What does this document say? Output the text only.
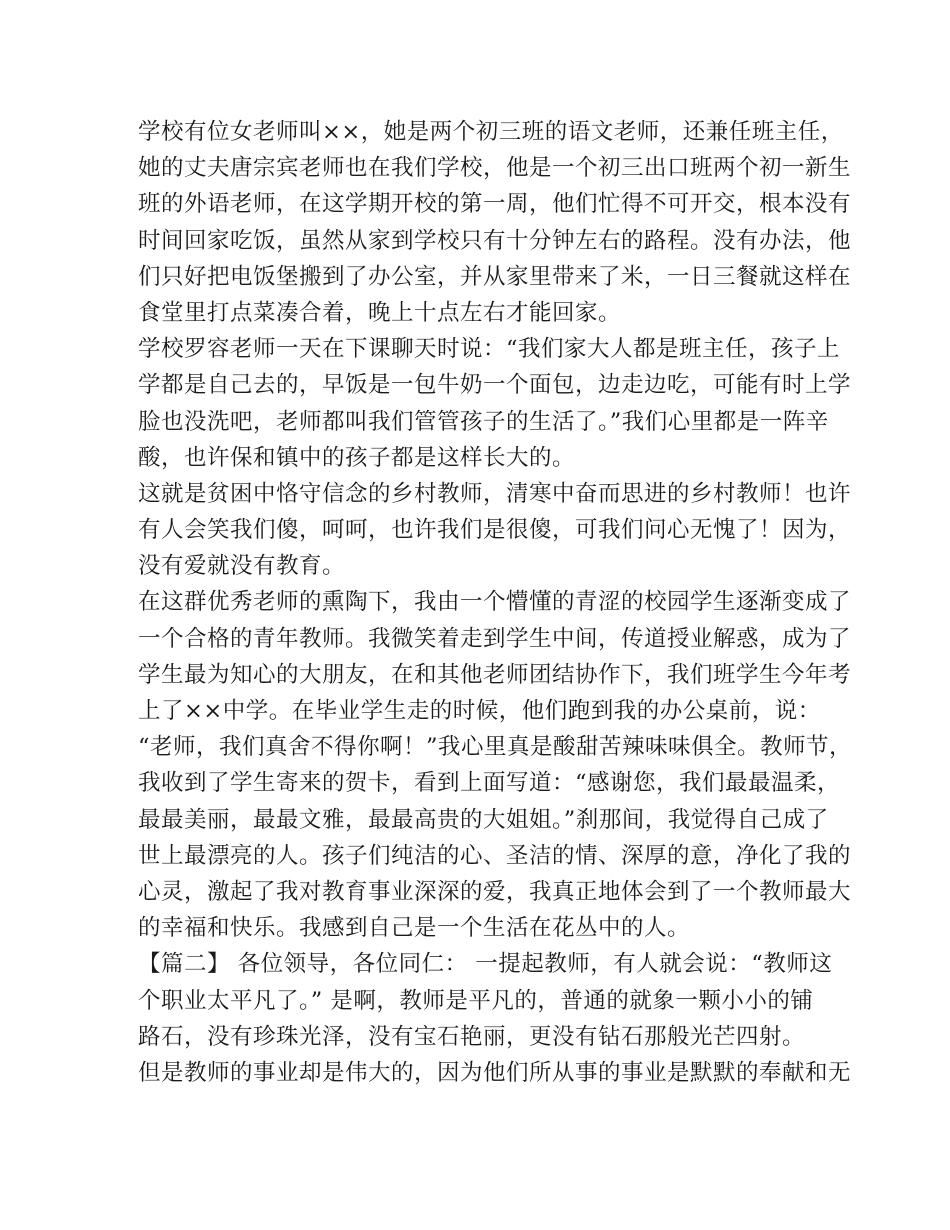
学校有位女老师叫××，她是两个初三班的语文老师，还兼任班主任，
她的丈夫唐宗宾老师也在我们学校，他是一个初三出口班两个初一新生
班的外语老师，在这学期开校的第一周，他们忙得不可开交，根本没有
时间回家吃饭，虽然从家到学校只有十分钟左右的路程。没有办法，他
们只好把电饭堡搬到了办公室，并从家里带来了米，一日三餐就这样在
食堂里打点菜凑合着，晚上十点左右才能回家。
学校罗容老师一天在下课聊天时说：“我们家大人都是班主任，孩子上
学都是自己去的，早饭是一包牛奶一个面包，边走边吃，可能有时上学
脸也没洗吧，老师都叫我们管管孩子的生活了。”我们心里都是一阵辛
酸，也许保和镇中的孩子都是这样长大的。
这就是贫困中恪守信念的乡村教师，清寒中奋而思进的乡村教师！也许
有人会笑我们傻，呵呵，也许我们是很傻，可我们问心无愧了！因为，
没有爱就没有教育。
在这群优秀老师的熏陶下，我由一个懵懂的青涩的校园学生逐渐变成了
一个合格的青年教师。我微笑着走到学生中间，传道授业解惑，成为了
学生最为知心的大朋友，在和其他老师团结协作下，我们班学生今年考
上了××中学。在毕业学生走的时候，他们跑到我的办公桌前，说：
“老师，我们真舍不得你啊！”我心里真是酸甜苦辣味味俱全。教师节，
我收到了学生寄来的贺卡，看到上面写道：“感谢您，我们最最温柔，
最最美丽，最最文雅，最最高贵的大姐姐。”刹那间，我觉得自己成了
世上最漂亮的人。孩子们纯洁的心、圣洁的情、深厚的意，净化了我的
心灵，激起了我对教育事业深深的爱，我真正地体会到了一个教师最大
的幸福和快乐。我感到自己是一个生活在花丛中的人。
【篇二】 各位领导，各位同仁： 一提起教师，有人就会说：“教师这
个职业太平凡了。” 是啊，教师是平凡的，普通的就象一颗小小的铺
路石，没有珍珠光泽，没有宝石艳丽，更没有钻石那般光芒四射。
但是教师的事业却是伟大的，因为他们所从事的事业是默默的奉献和无
